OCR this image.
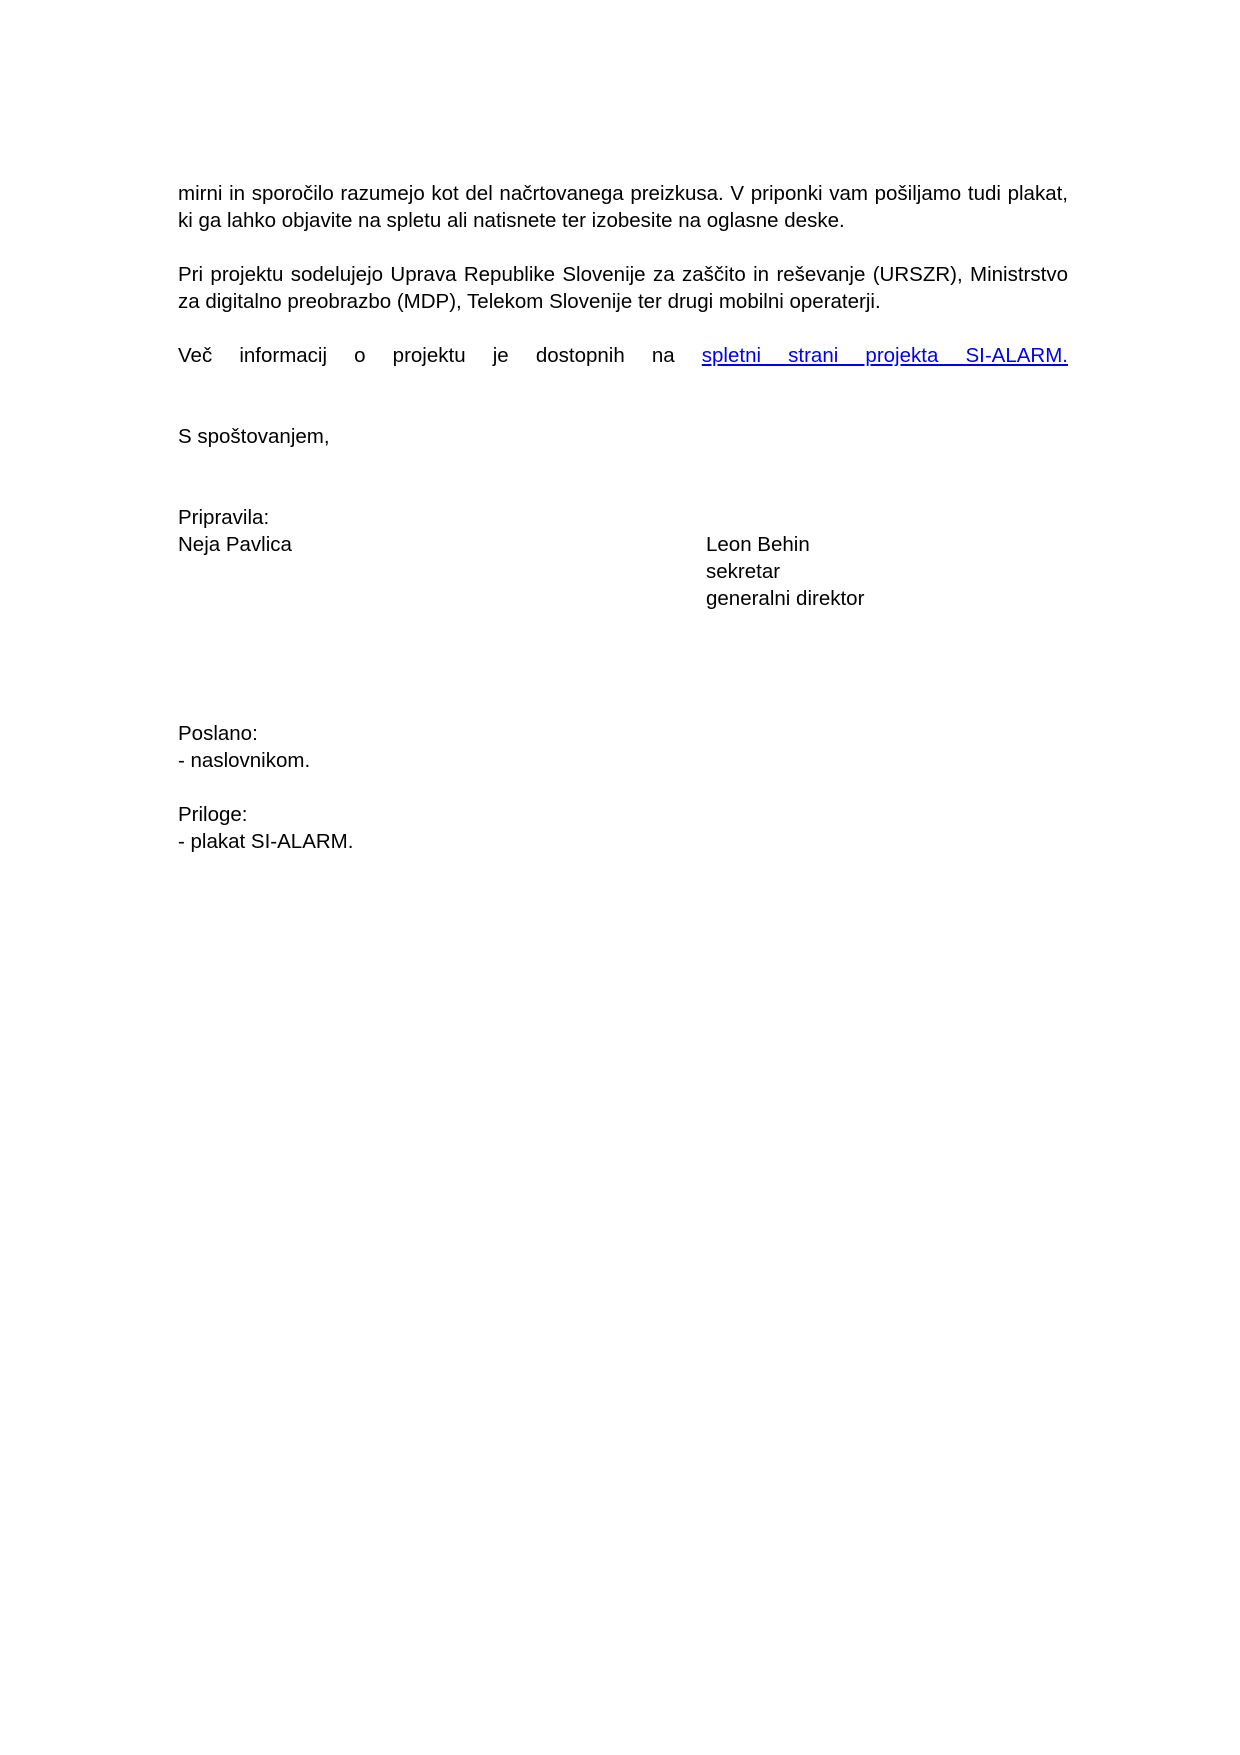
mirni in sporočilo razumejo kot del načrtovanega preizkusa. V priponki vam pošiljamo tudi plakat, ki ga lahko objavite na spletu ali natisnete ter izobesite na oglasne deske.

Pri projektu sodelujejo Uprava Republike Slovenije za zaščito in reševanje (URSZR), Ministrstvo za digitalno preobrazbo (MDP), Telekom Slovenije ter drugi mobilni operaterji.

Več informacij o projektu je dostopnih na spletni strani projekta SI-ALARM.

S spoštovanjem,

Pripravila:

Neja Pavlica	Leon Behin

sekretar

generalni direktor

Poslano:

- naslovnikom.

Priloge:

- plakat SI-ALARM.
